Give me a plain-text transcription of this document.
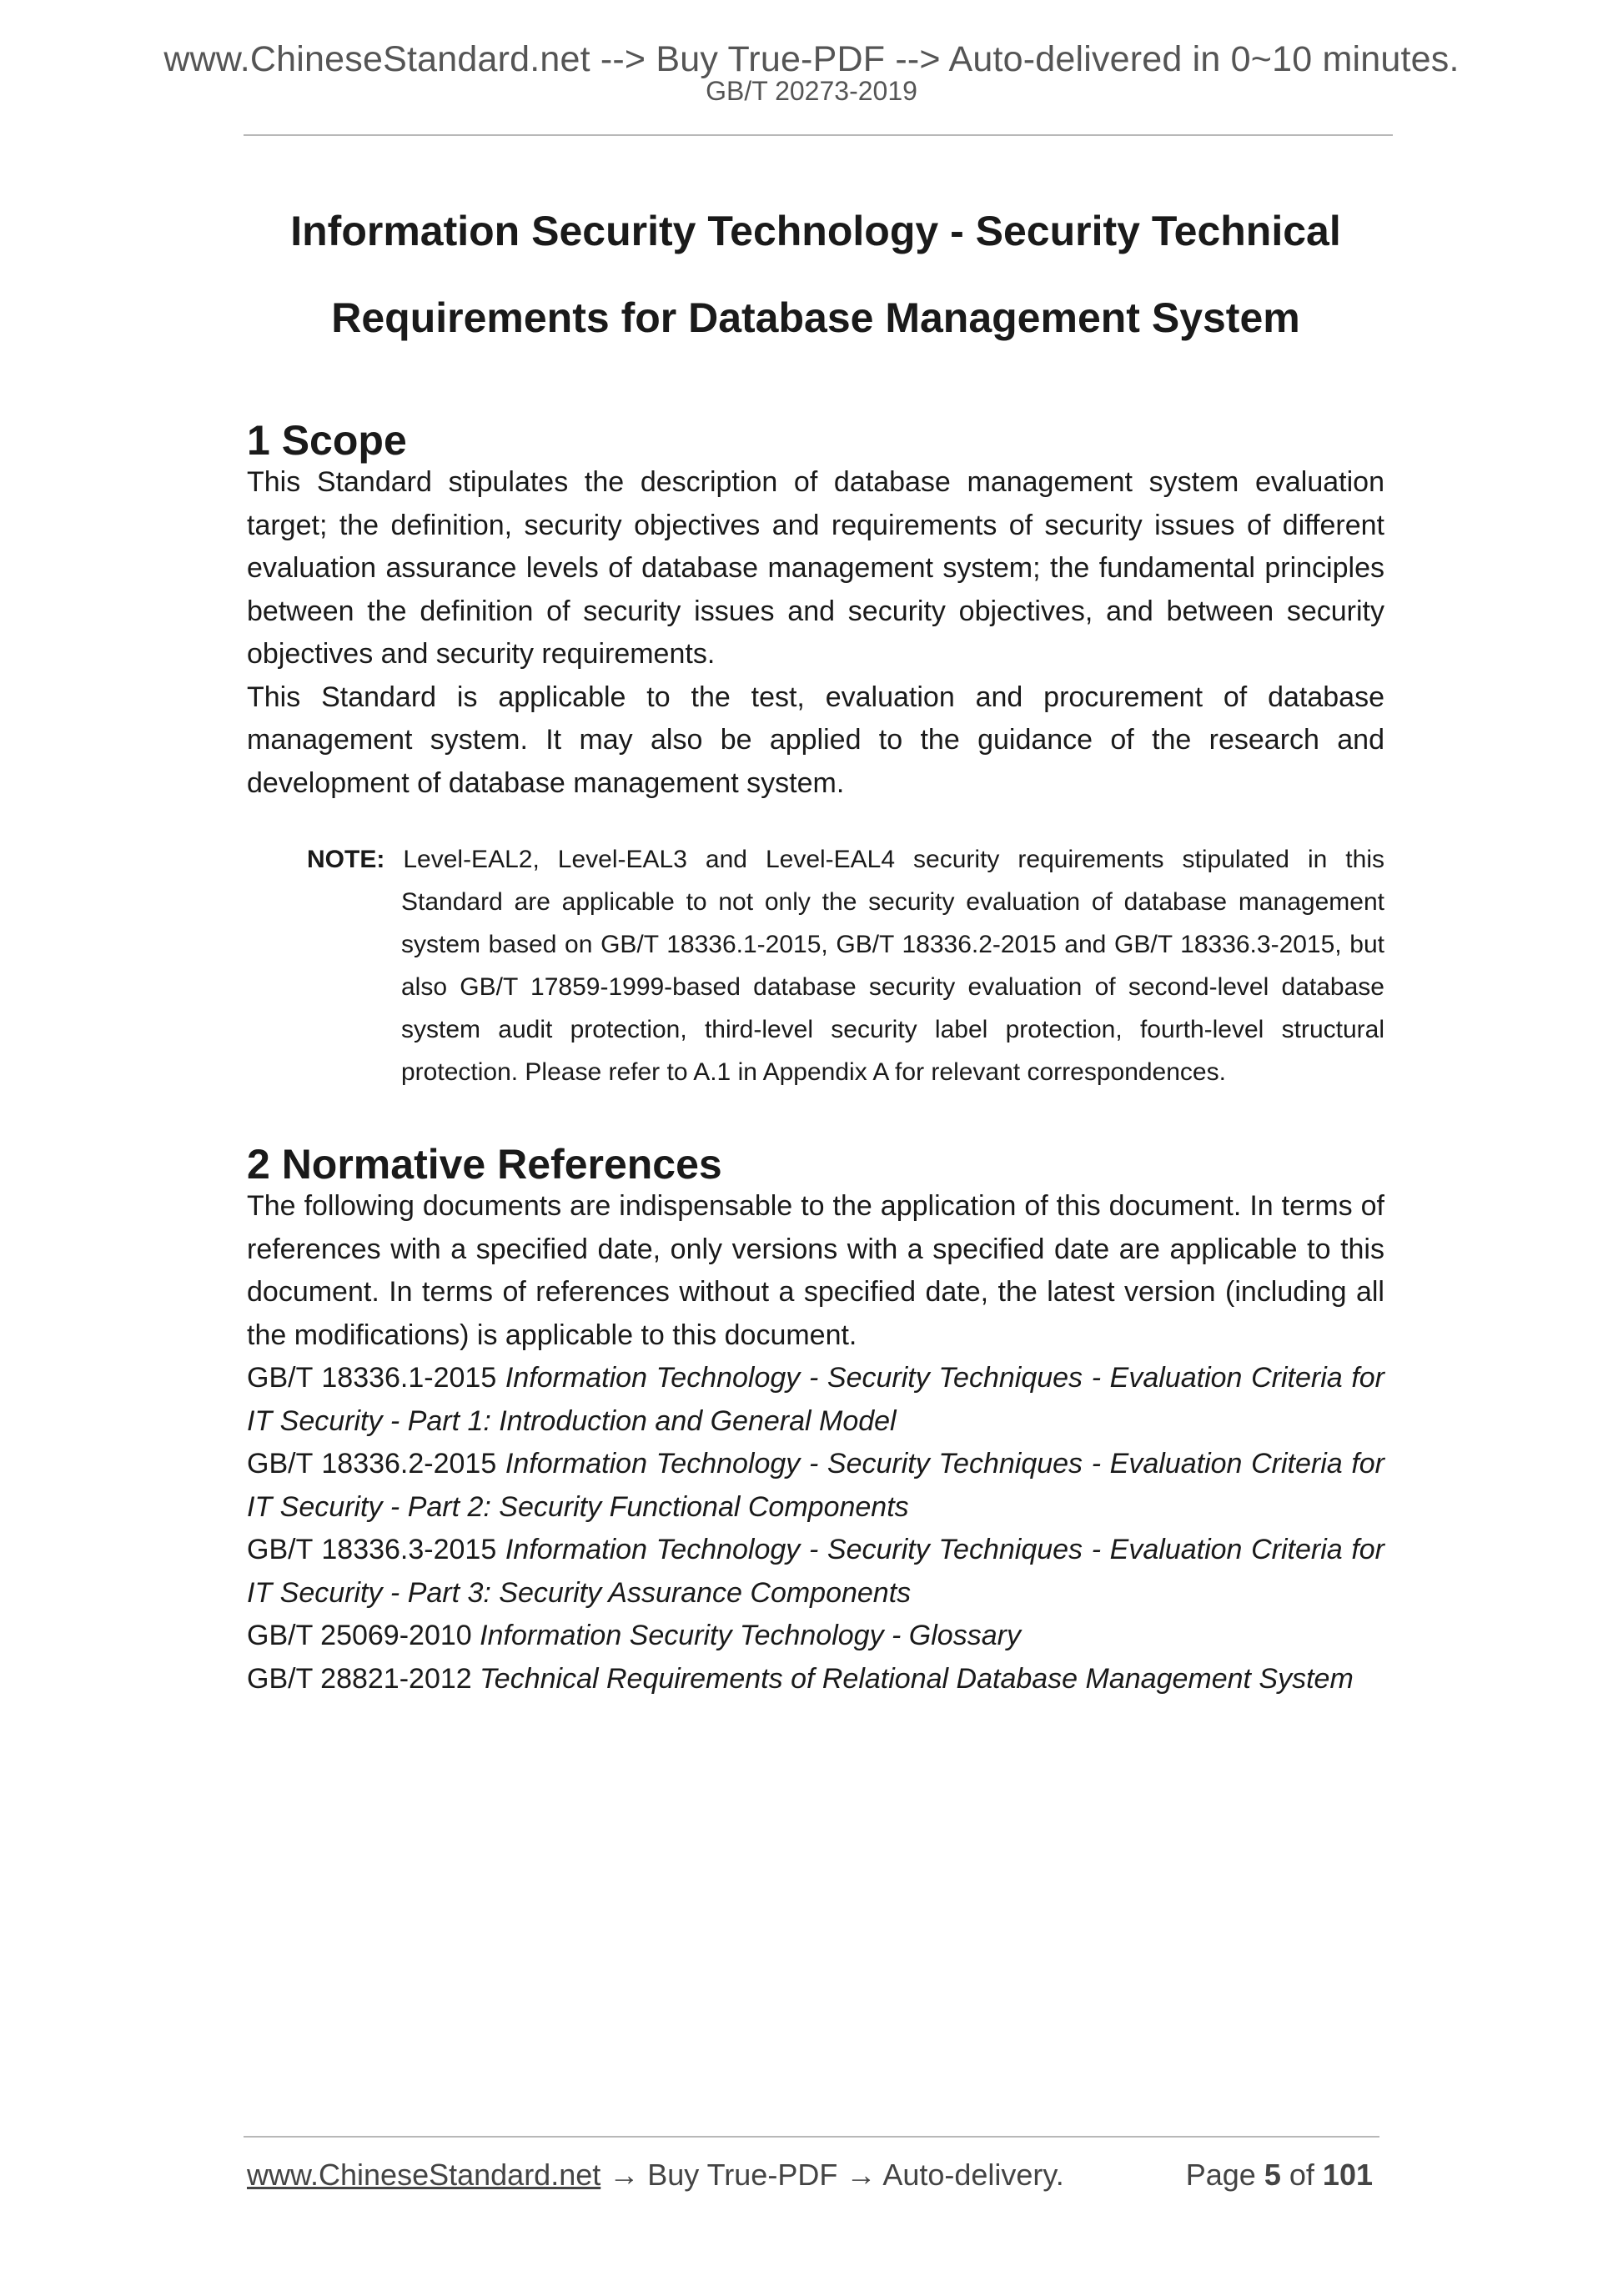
www.ChineseStandard.net --> Buy True-PDF --> Auto-delivered in 0~10 minutes.
GB/T 20273-2019
Information Security Technology - Security Technical
Requirements for Database Management System
1 Scope

This Standard stipulates the description of database management system evaluation target; the definition, security objectives and requirements of security issues of different evaluation assurance levels of database management system; the fundamental principles between the definition of security issues and security objectives, and between security objectives and security requirements.

This Standard is applicable to the test, evaluation and procurement of database management system. It may also be applied to the guidance of the research and development of database management system.

NOTE: Level-EAL2, Level-EAL3 and Level-EAL4 security requirements stipulated in this Standard are applicable to not only the security evaluation of database management system based on GB/T 18336.1-2015, GB/T 18336.2-2015 and GB/T 18336.3-2015, but also GB/T 17859-1999-based database security evaluation of second-level database system audit protection, third-level security label protection, fourth-level structural protection. Please refer to A.1 in Appendix A for relevant correspondences.
2 Normative References

The following documents are indispensable to the application of this document. In terms of references with a specified date, only versions with a specified date are applicable to this document. In terms of references without a specified date, the latest version (including all the modifications) is applicable to this document.

GB/T 18336.1-2015 Information Technology - Security Techniques - Evaluation Criteria for IT Security - Part 1: Introduction and General Model

GB/T 18336.2-2015 Information Technology - Security Techniques - Evaluation Criteria for IT Security - Part 2: Security Functional Components

GB/T 18336.3-2015 Information Technology - Security Techniques - Evaluation Criteria for IT Security - Part 3: Security Assurance Components

GB/T 25069-2010 Information Security Technology - Glossary

GB/T 28821-2012 Technical Requirements of Relational Database Management System

www.ChineseStandard.net → Buy True-PDF → Auto-delivery.	Page 5 of 101
